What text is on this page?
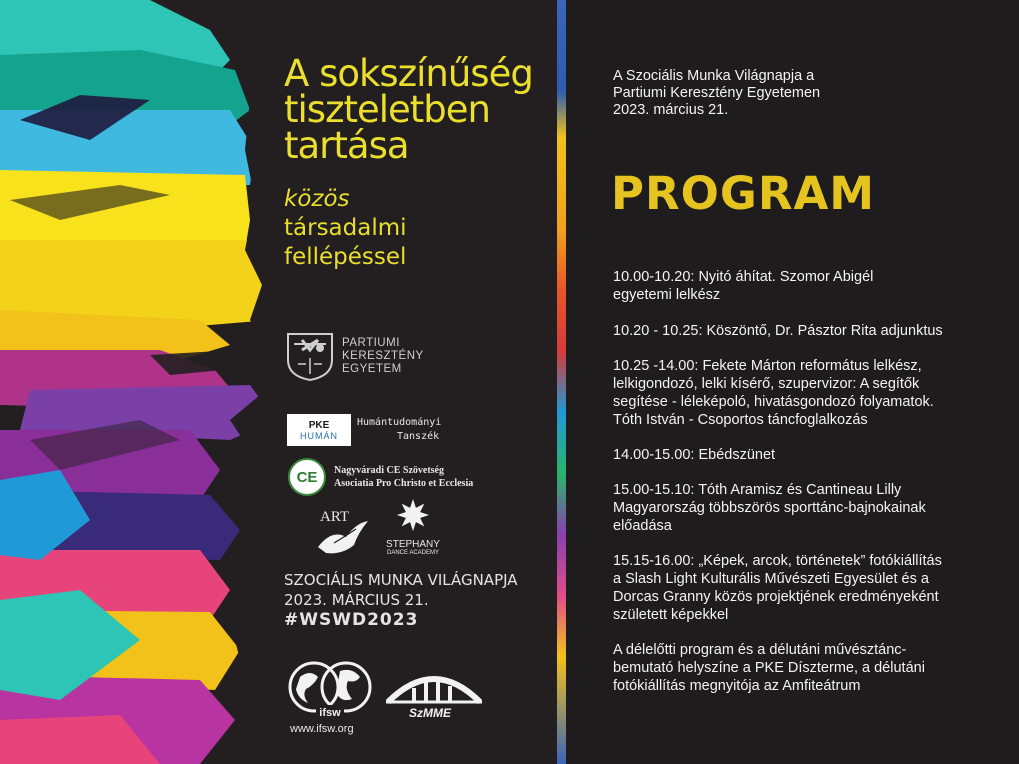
A sokszínűség
tiszteletben
tartása
közös
társadalmi
fellépéssel
PARTIUMI
KERESZTÉNY
EGYETEM
PKE
HUMÁN
Humántudományi
Tanszék
CE Nagyváradi CE Szövetség
Asociatia Pro Christo et Ecclesia
ART
STEPHANY
DANCE ACADEMY
SZOCIÁLIS MUNKA VILÁGNAPJA
2023. MÁRCIUS 21.
#WSWD2023
ifsw
www.ifsw.org
SzMME
A Szociális Munka Világnapja a
Partiumi Keresztény Egyetemen
2023. március 21.
PROGRAM

10.00-10.20: Nyitó áhítat. Szomor Abigél
egyetemi lelkész

10.20 - 10.25: Köszöntő, Dr. Pásztor Rita adjunktus

10.25 -14.00: Fekete Márton református lelkész,
lelkigondozó, lelki kísérő, szupervizor: A segítők
segítése - léleképoló, hivatásgondozó folyamatok.
Tóth István - Csoportos táncfoglalkozás

14.00-15.00: Ebédszünet

15.00-15.10: Tóth Aramisz és Cantineau Lilly
Magyarország többszörös sporttánc-bajnokainak
előadása

15.15-16.00: „Képek, arcok, történetek” fotókiállítás
a Slash Light Kulturális Művészeti Egyesület és a
Dorcas Granny közös projektjének eredményeként
született képekkel

A délelőtti program és a délutáni művésztánc-
bemutató helyszíne a PKE Díszterme, a délutáni
fotókiállítás megnyitója az Amfiteátrum
